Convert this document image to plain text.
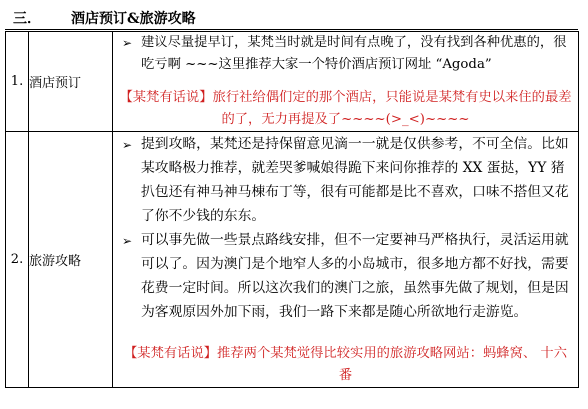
三． 酒店预订&旅游攻略
1.	酒店预订	➢ 建议尽量提早订，某梵当时就是时间有点晚了，没有找到各种优惠的，很吃亏啊 ~~~这里推荐大家一个特价酒店预订网址 “Agoda”
【某梵有话说】旅行社给偶们定的那个酒店，只能说是某梵有史以来住的最差的了，无力再提及了~~~~(>_<)~~~~

2.	旅游攻略	➢ 提到攻略，某梵还是持保留意见滴一一就是仅供参考，不可全信。比如某攻略极力推荐，就差哭爹喊娘得跪下来问你推荐的 XX 蛋挞，YY 猪扒包还有神马神马棟布丁等，很有可能都是比不喜欢，口味不搭但又花了你不少钱的东东。
➢ 可以事先做一些景点路线安排，但不一定要神马严格执行，灵活运用就可以了。因为澳门是个地窄人多的小岛城市，很多地方都不好找，需要花费一定时间。所以这次我们的澳门之旅，虽然事先做了规划，但是因为客观原因外加下雨，我们一路下来都是随心所欲地行走游览。
【某梵有话说】推荐两个某梵觉得比较实用的旅游攻略网站：蚂蜂窝、 十六番
